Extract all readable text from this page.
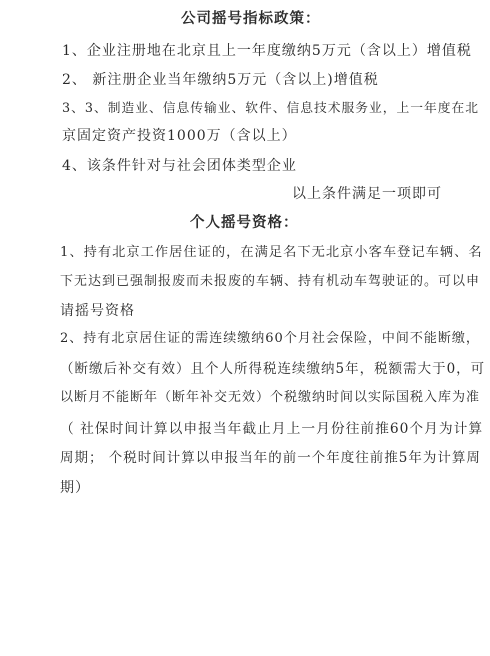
公司摇号指标政策：
1、企业注册地在北京且上一年度缴纳5万元（含以上）增值税
2、 新注册企业当年缴纳5万元（含以上)增值税
3、3、制造业、信息传输业、软件、信息技术服务业，上一年度在北
京固定资产投资1000万（含以上）
4、该条件针对与社会团体类型企业
以上条件满足一项即可
个人摇号资格：
1、持有北京工作居住证的，在满足名下无北京小客车登记车辆、名
下无达到已强制报废而未报废的车辆、持有机动车驾驶证的。可以申
请摇号资格
2、持有北京居住证的需连续缴纳60个月社会保险，中间不能断缴，
（断缴后补交有效）且个人所得税连续缴纳5年，税额需大于0，可
以断月不能断年（断年补交无效）个税缴纳时间以实际国税入库为准
（ 社保时间计算以申报当年截止月上一月份往前推60个月为计算
周期； 个税时间计算以申报当年的前一个年度往前推5年为计算周
期）
